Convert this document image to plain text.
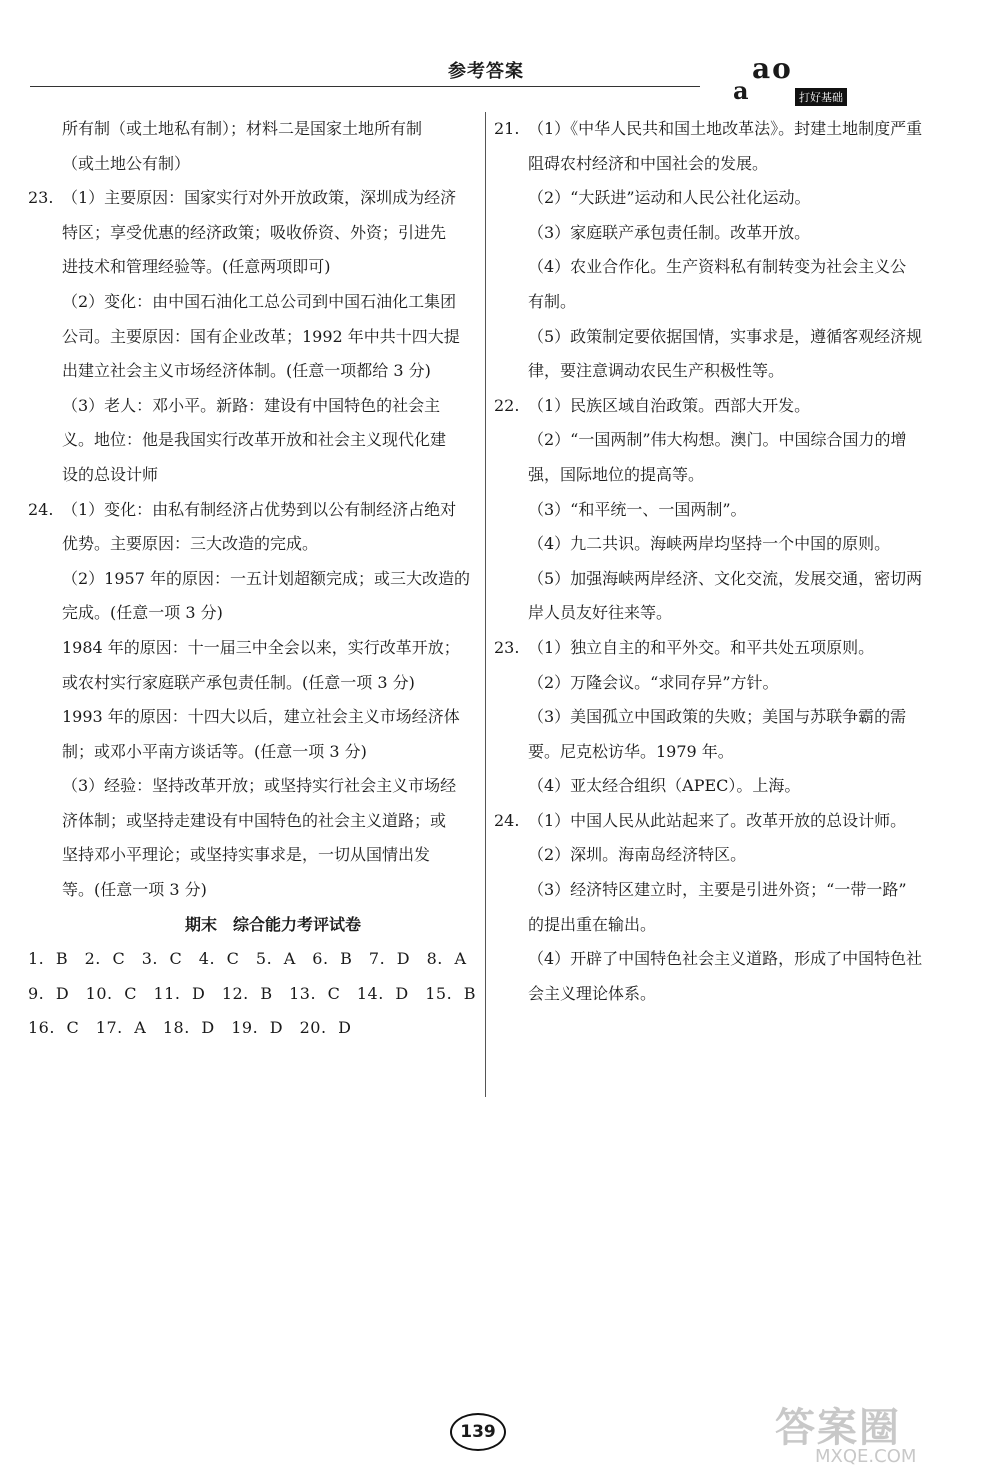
参考答案	ao
a	打好基础
所有制（或土地私有制）；材料二是国家土地所有制
（或土地公有制）
23. （1）主要原因：国家实行对外开放政策，深圳成为经济
特区；享受优惠的经济政策；吸收侨资、外资；引进先
进技术和管理经验等。(任意两项即可)
（2）变化：由中国石油化工总公司到中国石油化工集团
公司。主要原因：国有企业改革；1992 年中共十四大提
出建立社会主义市场经济体制。(任意一项都给 3 分)
（3）老人：邓小平。新路：建设有中国特色的社会主
义。地位：他是我国实行改革开放和社会主义现代化建
设的总设计师
24. （1）变化：由私有制经济占优势到以公有制经济占绝对
优势。主要原因：三大改造的完成。
（2）1957 年的原因：一五计划超额完成；或三大改造的
完成。(任意一项 3 分)
1984 年的原因：十一届三中全会以来，实行改革开放；
或农村实行家庭联产承包责任制。(任意一项 3 分)
1993 年的原因：十四大以后，建立社会主义市场经济体
制；或邓小平南方谈话等。(任意一项 3 分)
（3）经验：坚持改革开放；或坚持实行社会主义市场经
济体制；或坚持走建设有中国特色的社会主义道路；或
坚持邓小平理论；或坚持实事求是，一切从国情出发
等。(任意一项 3 分)
期末　综合能力考评试卷
1. B　2. C　3. C　4. C　5. A　6. B　7. D　8. A
9. D　10. C　11. D　12. B　13. C　14. D　15. B
16. C　17. A　18. D　19. D　20. D
21. （1）《中华人民共和国土地改革法》。封建土地制度严重
阻碍农村经济和中国社会的发展。
（2）“大跃进”运动和人民公社化运动。
（3）家庭联产承包责任制。改革开放。
（4）农业合作化。生产资料私有制转变为社会主义公
有制。
（5）政策制定要依据国情，实事求是，遵循客观经济规
律，要注意调动农民生产积极性等。
22. （1）民族区域自治政策。西部大开发。
（2）“一国两制”伟大构想。澳门。中国综合国力的增
强，国际地位的提高等。
（3）“和平统一、一国两制”。
（4）九二共识。海峡两岸均坚持一个中国的原则。
（5）加强海峡两岸经济、文化交流，发展交通，密切两
岸人员友好往来等。
23. （1）独立自主的和平外交。和平共处五项原则。
（2）万隆会议。“求同存异”方针。
（3）美国孤立中国政策的失败；美国与苏联争霸的需
要。尼克松访华。1979 年。
（4）亚太经合组织（APEC）。上海。
24. （1）中国人民从此站起来了。改革开放的总设计师。
（2）深圳。海南岛经济特区。
（3）经济特区建立时，主要是引进外资；“一带一路”
的提出重在输出。
（4）开辟了中国特色社会主义道路，形成了中国特色社
会主义理论体系。
139	答案圈
MXQE.COM
